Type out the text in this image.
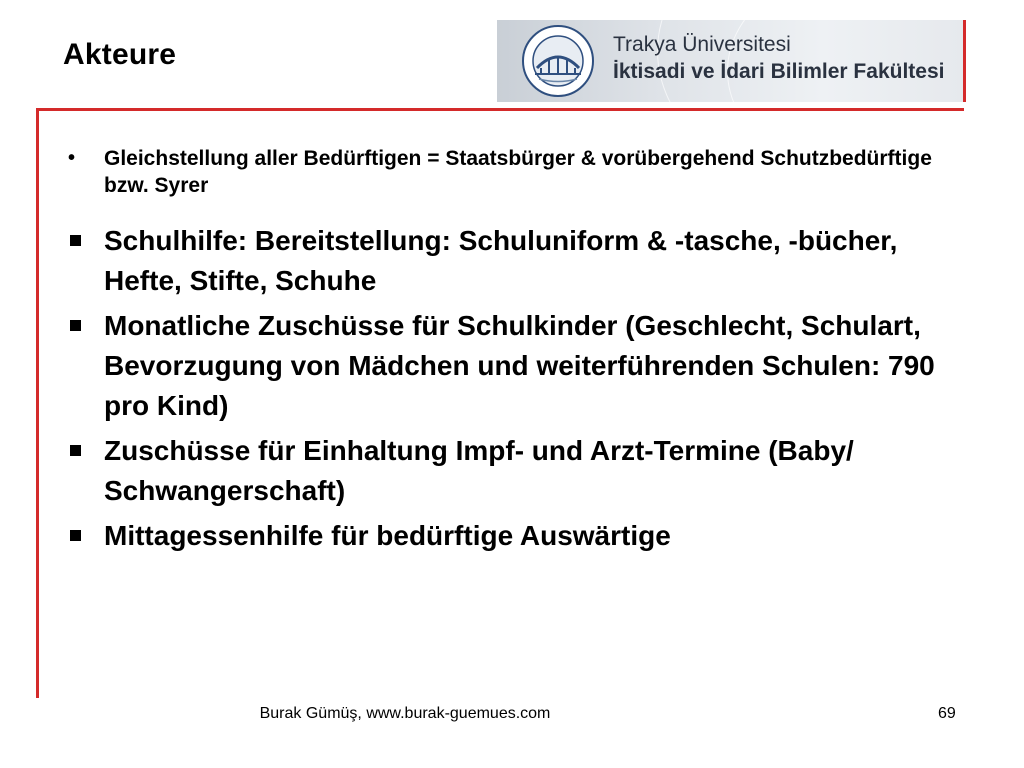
Akteure	Trakya Üniversitesi
İktisadi ve İdari Bilimler Fakültesi
• Gleichstellung aller Bedürftigen = Staatsbürger & vorübergehend Schutzbedürftige bzw. Syrer
Schulhilfe: Bereitstellung: Schuluniform & -tasche, -bücher, Hefte, Stifte, Schuhe
Monatliche Zuschüsse für Schulkinder (Geschlecht, Schulart, Bevorzugung von Mädchen und weiterführenden Schulen: 790 pro Kind)
Zuschüsse für Einhaltung Impf- und Arzt-Termine (Baby/ Schwangerschaft)
Mittagessenhilfe für bedürftige Auswärtige
Burak Gümüş, www.burak-guemues.com	69
